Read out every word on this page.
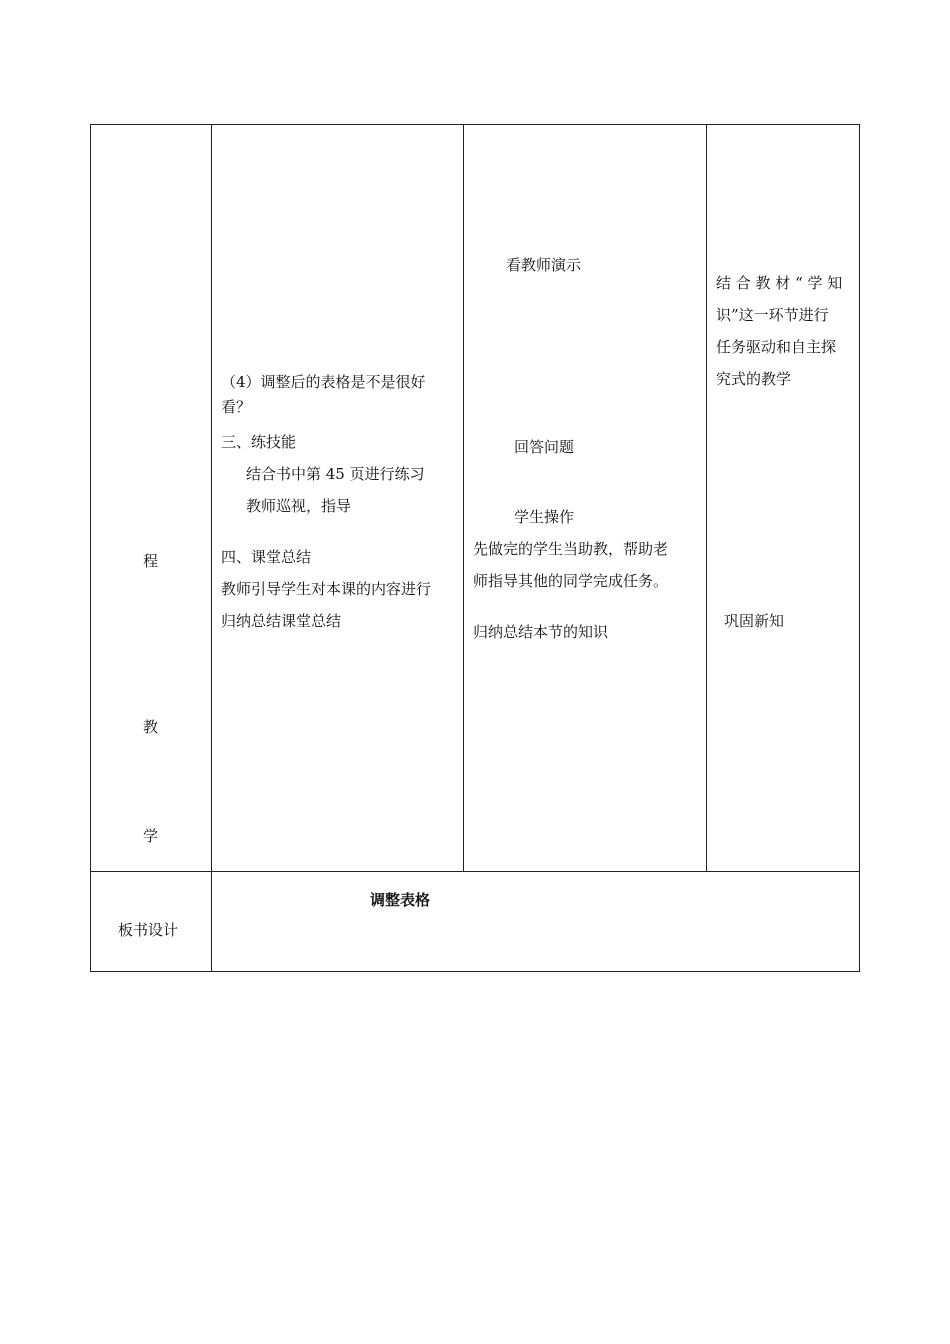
程
教
学
板书设计
（4）调整后的表格是不是很好
看？
三、练技能
结合书中第 45 页进行练习
教师巡视，指导
四、课堂总结
教师引导学生对本课的内容进行
归纳总结课堂总结
看教师演示
回答问题
学生操作
先做完的学生当助教，帮助老
师指导其他的同学完成任务。
归纳总结本节的知识
结 合 教 材 “ 学 知
识”这一环节进行
任务驱动和自主探
究式的教学
巩固新知
调整表格
